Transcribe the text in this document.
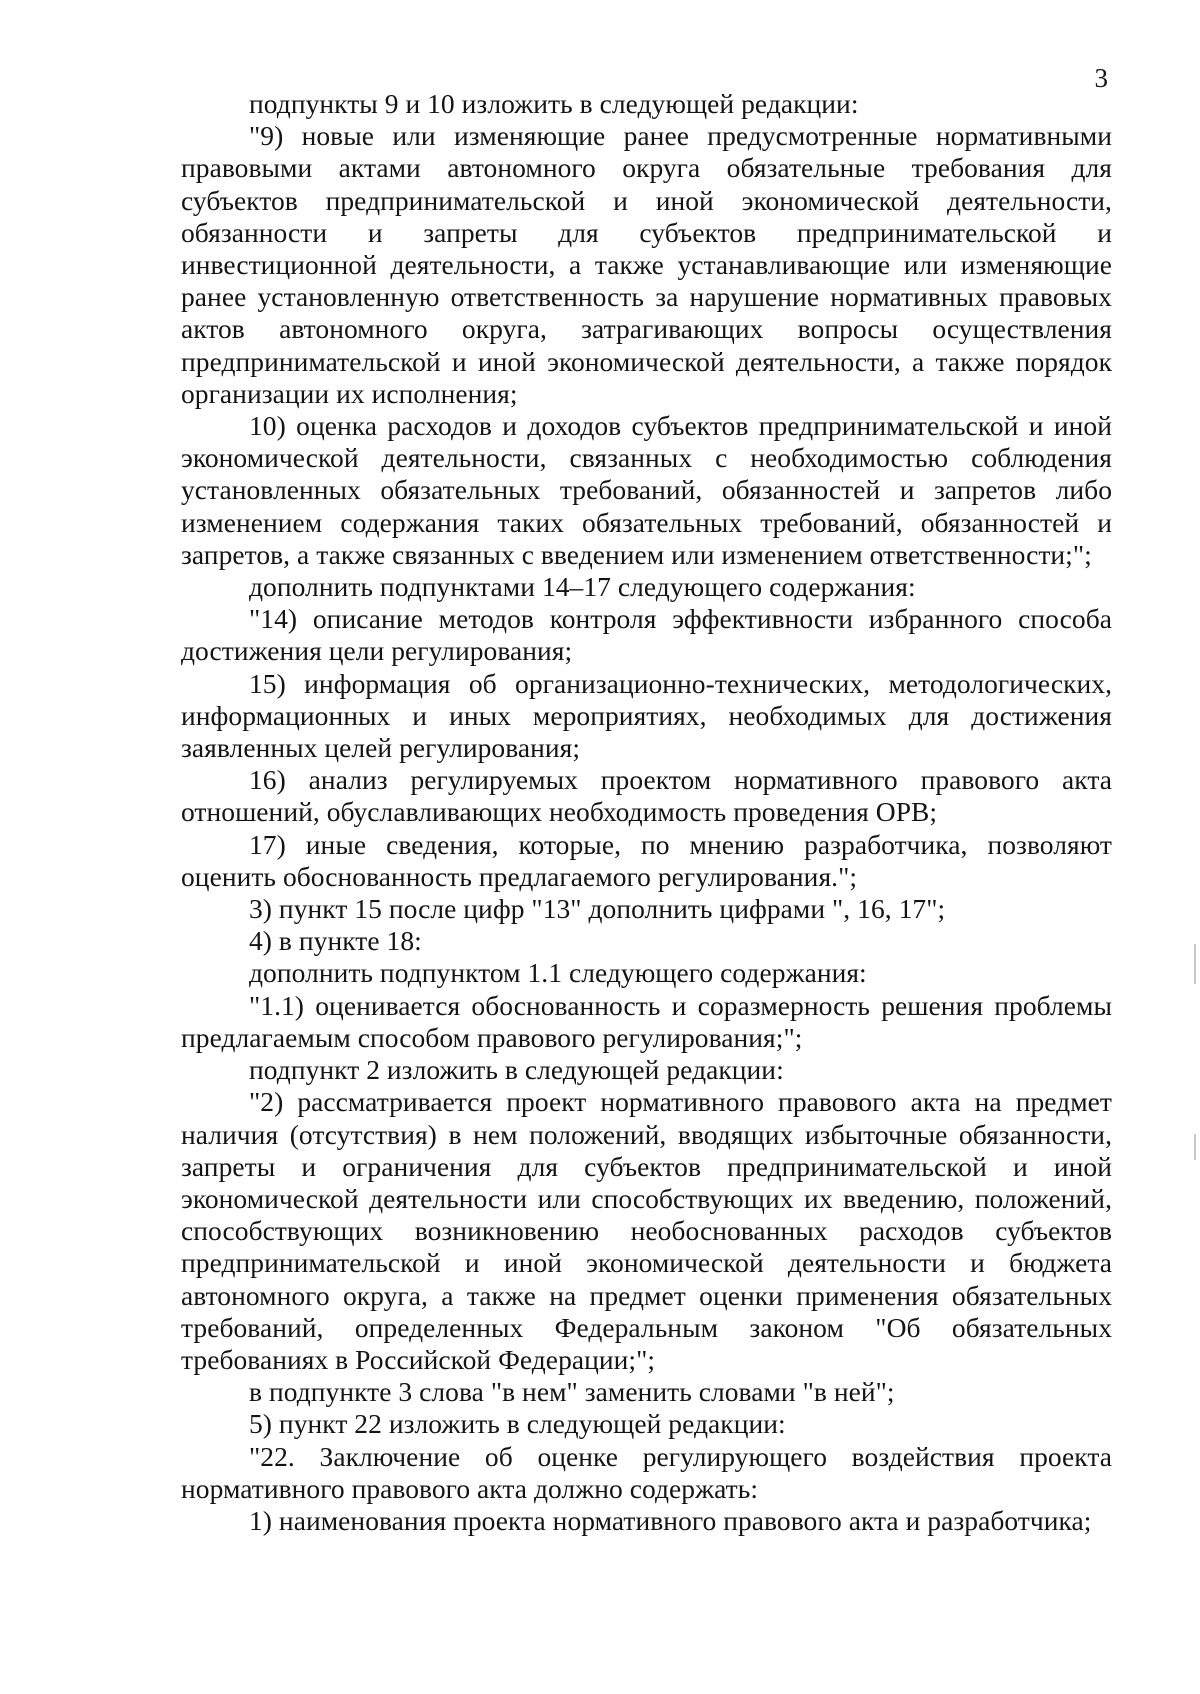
3

подпункты 9 и 10 изложить в следующей редакции:

"9) новые или изменяющие ранее предусмотренные нормативными правовыми актами автономного округа обязательные требования для субъектов предпринимательской и иной экономической деятельности, обязанности и запреты для субъектов предпринимательской и инвестиционной деятельности, а также устанавливающие или изменяющие ранее установленную ответственность за нарушение нормативных правовых актов автономного округа, затрагивающих вопросы осуществления предпринимательской и иной экономической деятельности, а также порядок организации их исполнения;

10) оценка расходов и доходов субъектов предпринимательской и иной экономической деятельности, связанных с необходимостью соблюдения установленных обязательных требований, обязанностей и запретов либо изменением содержания таких обязательных требований, обязанностей и запретов, а также связанных с введением или изменением ответственности;";

дополнить подпунктами 14–17 следующего содержания:

"14) описание методов контроля эффективности избранного способа достижения цели регулирования;

15) информация об организационно-технических, методологических, информационных и иных мероприятиях, необходимых для достижения заявленных целей регулирования;

16) анализ регулируемых проектом нормативного правового акта отношений, обуславливающих необходимость проведения ОРВ;

17) иные сведения, которые, по мнению разработчика, позволяют оценить обоснованность предлагаемого регулирования.";

3) пункт 15 после цифр "13" дополнить цифрами ", 16, 17";

4) в пункте 18:

дополнить подпунктом 1.1 следующего содержания:

"1.1) оценивается обоснованность и соразмерность решения проблемы предлагаемым способом правового регулирования;";

подпункт 2 изложить в следующей редакции:

"2) рассматривается проект нормативного правового акта на предмет наличия (отсутствия) в нем положений, вводящих избыточные обязанности, запреты и ограничения для субъектов предпринимательской и иной экономической деятельности или способствующих их введению, положений, способствующих возникновению необоснованных расходов субъектов предпринимательской и иной экономической деятельности и бюджета автономного округа, а также на предмет оценки применения обязательных требований, определенных Федеральным законом "Об обязательных требованиях в Российской Федерации;";

в подпункте 3 слова "в нем" заменить словами "в ней";

5) пункт 22 изложить в следующей редакции:

"22. Заключение об оценке регулирующего воздействия проекта нормативного правового акта должно содержать:

1) наименования проекта нормативного правового акта и разработчика;
